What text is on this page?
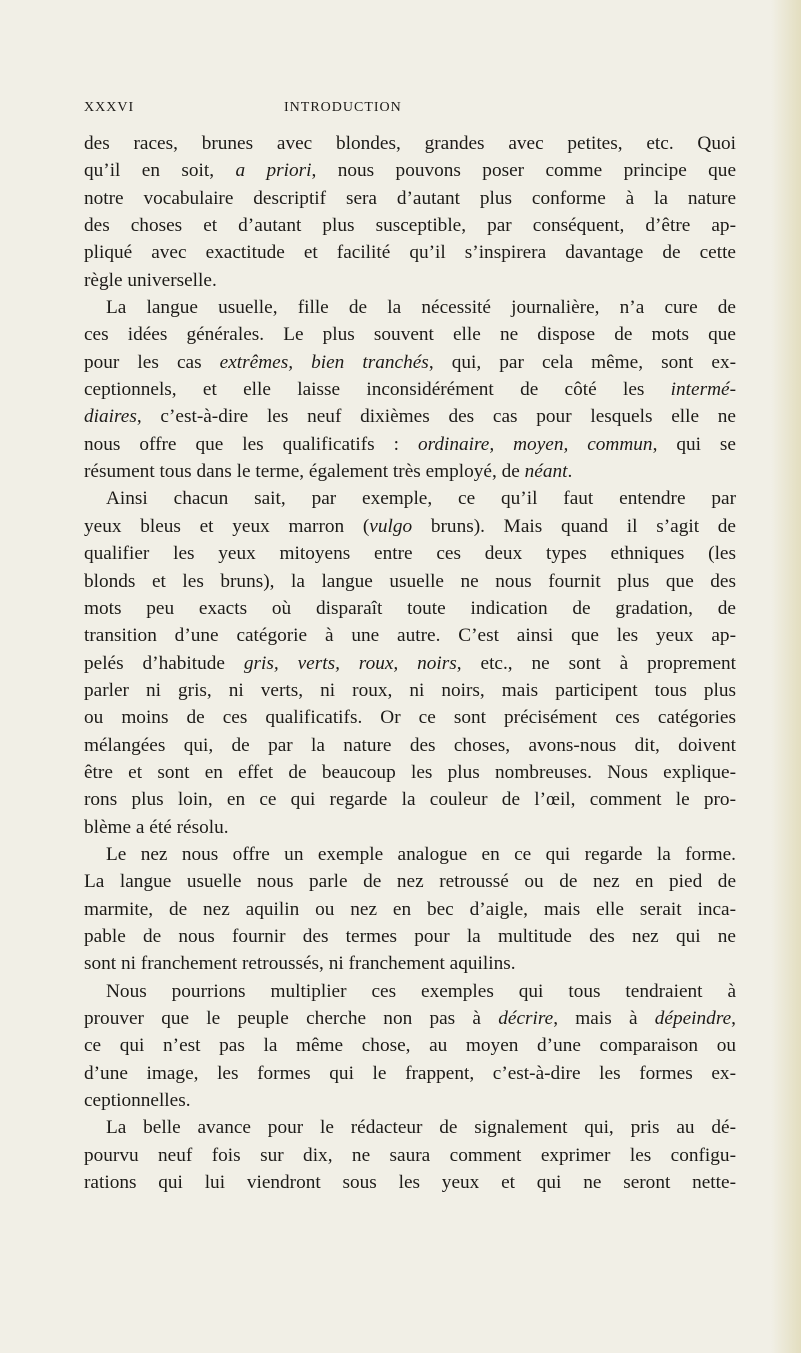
XXXVI	INTRODUCTION
des races, brunes avec blondes, grandes avec petites, etc. Quoi
qu’il en soit, a priori, nous pouvons poser comme principe que
notre vocabulaire descriptif sera d’autant plus conforme à la nature
des choses et d’autant plus susceptible, par conséquent, d’être ap-
pliqué avec exactitude et facilité qu’il s’inspirera davantage de cette
règle universelle.
La langue usuelle, fille de la nécessité journalière, n’a cure de
ces idées générales. Le plus souvent elle ne dispose de mots que
pour les cas extrêmes, bien tranchés, qui, par cela même, sont ex-
ceptionnels, et elle laisse inconsidérément de côté les intermé-
diaires, c’est-à-dire les neuf dixièmes des cas pour lesquels elle ne
nous offre que les qualificatifs : ordinaire, moyen, commun, qui se
résument tous dans le terme, également très employé, de néant.
Ainsi chacun sait, par exemple, ce qu’il faut entendre par
yeux bleus et yeux marron (vulgo bruns). Mais quand il s’agit de
qualifier les yeux mitoyens entre ces deux types ethniques (les
blonds et les bruns), la langue usuelle ne nous fournit plus que des
mots peu exacts où disparaît toute indication de gradation, de
transition d’une catégorie à une autre. C’est ainsi que les yeux ap-
pelés d’habitude gris, verts, roux, noirs, etc., ne sont à proprement
parler ni gris, ni verts, ni roux, ni noirs, mais participent tous plus
ou moins de ces qualificatifs. Or ce sont précisément ces catégories
mélangées qui, de par la nature des choses, avons-nous dit, doivent
être et sont en effet de beaucoup les plus nombreuses. Nous explique-
rons plus loin, en ce qui regarde la couleur de l’œil, comment le pro-
blème a été résolu.
Le nez nous offre un exemple analogue en ce qui regarde la forme.
La langue usuelle nous parle de nez retroussé ou de nez en pied de
marmite, de nez aquilin ou nez en bec d’aigle, mais elle serait inca-
pable de nous fournir des termes pour la multitude des nez qui ne
sont ni franchement retroussés, ni franchement aquilins.
Nous pourrions multiplier ces exemples qui tous tendraient à
prouver que le peuple cherche non pas à décrire, mais à dépeindre,
ce qui n’est pas la même chose, au moyen d’une comparaison ou
d’une image, les formes qui le frappent, c’est-à-dire les formes ex-
ceptionnelles.
La belle avance pour le rédacteur de signalement qui, pris au dé-
pourvu neuf fois sur dix, ne saura comment exprimer les configu-
rations qui lui viendront sous les yeux et qui ne seront nette-
